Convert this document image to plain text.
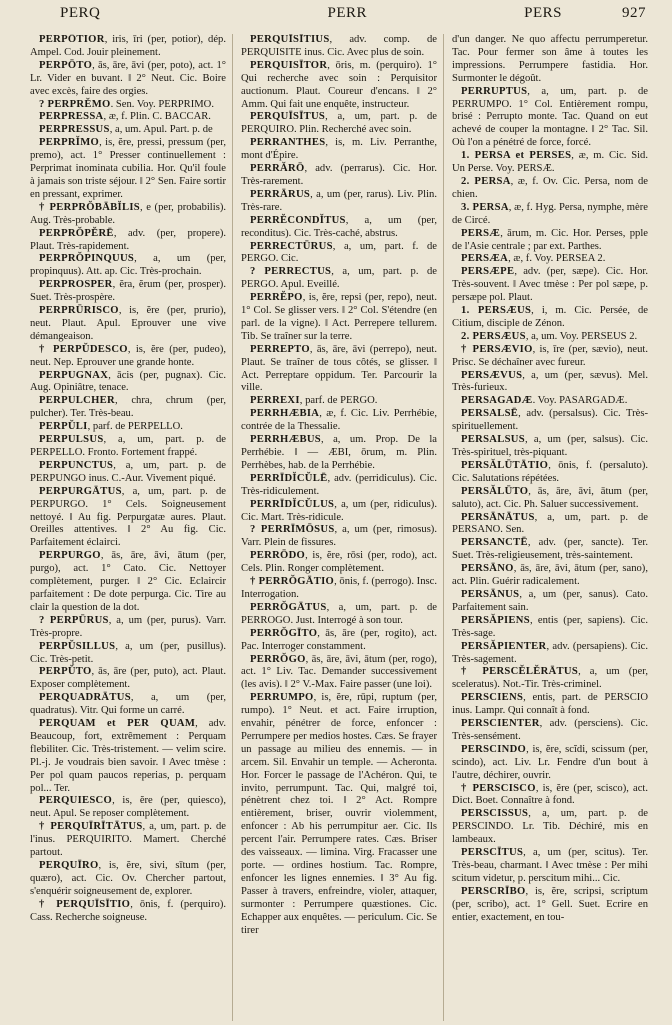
PERQ	PERR	PERS	927

PERPŌTIOR, iris, īri (per, potior), dép. Ampel. Cod. Jouir pleinement.

PERPŌTO, ās, āre, āvi (per, poto), act. 1° Lr. Vider en buvant. ‖ 2° Neut. Cic. Boire avec excès, faire des orgies.

? PERPRĔMO. Sen. Voy. PERPRIMO.

PERPRESSA, æ, f. Plin. C. BACCAR.

PERPRESSUS, a, um. Apul. Part. p. de

PERPRĬMO, is, ĕre, pressi, pressum (per, premo), act. 1° Presser continuellement : Perprimat inominata cubilia. Hor. Qu'il foule à jamais son triste séjour. ‖ 2° Sen. Faire sortir en pressant, exprimer.

† PERPRŎBĀBĬLIS, e (per, probabilis). Aug. Très-probable.

PERPRŎPĔRĒ, adv. (per, propere). Plaut. Très-rapidement.

PERPRŎPINQUUS, a, um (per, propinquus). Att. ap. Cic. Très-prochain.

PERPROSPER, ĕra, ĕrum (per, prosper). Suet. Très-prospère.

PERPRŪRISCO, is, ĕre (per, prurio), neut. Plaut. Apul. Eprouver une vive démangeaison.

† PERPŬDESCO, is, ĕre (per, pudeo), neut. Nep. Eprouver une grande honte.

PERPUGNAX, ācis (per, pugnax). Cic. Aug. Opiniâtre, tenace.

PERPULCHER, chra, chrum (per, pulcher). Ter. Très-beau.

PERPŬLI, parf. de PERPELLO.

PERPULSUS, a, um, part. p. de PERPELLO. Fronto. Fortement frappé.

PERPUNCTUS, a, um, part. p. de PERPUNGO inus. C.-Aur. Vivement piqué.

PERPURGĀTUS, a, um, part. p. de PERPURGO. 1° Cels. Soigneusement nettoyé. ‖ Au fig. Perpurgatæ aures. Plaut. Oreilles attentives. ‖ 2° Au fig. Cic. Parfaitement éclairci.

PERPURGO, ās, āre, āvi, ātum (per, purgo), act. 1° Cato. Cic. Nettoyer complètement, purger. ‖ 2° Cic. Eclaircir parfaitement : De dote perpurga. Cic. Tire au clair la question de la dot.

? PERPŪRUS, a, um (per, purus). Varr. Très-propre.

PERPŬSILLUS, a, um (per, pusillus). Cic. Très-petit.

PERPŬTO, ās, āre (per, puto), act. Plaut. Exposer complètement.

PERQUADRĀTUS, a, um (per, quadratus). Vitr. Qui forme un carré.

PERQUAM et PER QUAM, adv. Beaucoup, fort, extrêmement : Perquam flebiliter. Cic. Très-tristement. — velim scire. Pl.-j. Je voudrais bien savoir. ‖ Avec tmèse : Per pol quam paucos reperias, p. perquam pol... Ter.

PERQUIESCO, is, ĕre (per, quiesco), neut. Apul. Se reposer complètement.

† PERQUĪRĪTĀTUS, a, um, part. p. de l'inus. PERQUIRITO. Mamert. Cherché partout.

PERQUĪRO, is, ĕre, sivi, sītum (per, quæro), act. Cic. Ov. Chercher partout, s'enquérir soigneusement de, explorer.

† PERQUĪSĪTIO, ōnis, f. (perquiro). Cass. Recherche soigneuse.

PERQUĪSĪTIUS, adv. comp. de PERQUISITE inus. Cic. Avec plus de soin.

PERQUISĪTOR, ōris, m. (perquiro). 1° Qui recherche avec soin : Perquisitor auctionum. Plaut. Coureur d'encans. ‖ 2° Amm. Qui fait une enquête, instructeur.

PERQUĪSĪTUS, a, um, part. p. de PERQUIRO. Plin. Recherché avec soin.

PERRANTHES, is, m. Liv. Perranthe, mont d'Épire.

PERRĂRŌ, adv. (perrarus). Cic. Hor. Très-rarement.

PERRĀRUS, a, um (per, rarus). Liv. Plin. Très-rare.

PERRĔCONDĬTUS, a, um (per, reconditus). Cic. Très-caché, abstrus.

PERRECTŪRUS, a, um, part. f. de PERGO. Cic.

? PERRECTUS, a, um, part. p. de PERGO. Apul. Eveillé.

PERRĔPO, is, ĕre, repsi (per, repo), neut. 1° Col. Se glisser vers. ‖ 2° Col. S'étendre (en parl. de la vigne). ‖ Act. Perrepere tellurem. Tib. Se traîner sur la terre.

PERREPTO, ās, āre, āvi (perrepo), neut. Plaut. Se traîner de tous côtés, se glisser. ‖ Act. Perreptare oppidum. Ter. Parcourir la ville.

PERREXI, parf. de PERGO.

PERRHÆBIA, æ, f. Cic. Liv. Perrhébie, contrée de la Thessalie.

PERRHÆBUS, a, um. Prop. De la Perrhébie. ‖ — ÆBI, ōrum, m. Plin. Perrhèbes, hab. de la Perrhébie.

PERRĪDĬCŬLĒ, adv. (perridiculus). Cic. Très-ridiculement.

PERRĪDĬCŬLUS, a, um (per, ridiculus). Cic. Mart. Très-ridicule.

? PERRĪMŌSUS, a, um (per, rimosus). Varr. Plein de fissures.

PERRŌDO, is, ĕre, rōsi (per, rodo), act. Cels. Plin. Ronger complètement.

† PERRŎGĀTIO, ōnis, f. (perrogo). Insc. Interrogation.

PERRŎGĀTUS, a, um, part. p. de PERROGO. Just. Interrogé à son tour.

PERRŎGĪTO, ās, āre (per, rogito), act. Pac. Interroger constamment.

PERRŎGO, ās, āre, āvi, ātum (per, rogo), act. 1° Liv. Tac. Demander successivement (les avis). ‖ 2° V.-Max. Faire passer (une loi).

PERRUMPO, is, ĕre, rūpi, ruptum (per, rumpo). 1° Neut. et act. Faire irruption, envahir, pénétrer de force, enfoncer : Perrumpere per medios hostes. Cæs. Se frayer un passage au milieu des ennemis. — in arcem. Sil. Envahir un temple. — Acheronta. Hor. Forcer le passage de l'Achéron. Qui, te invito, perrumpunt. Tac. Qui, malgré toi, pénètrent chez toi. ‖ 2° Act. Rompre entièrement, briser, ouvrir violemment, enfoncer : Ab his perrumpitur aer. Cic. Ils percent l'air. Perrumpere rates. Cæs. Briser des vaisseaux. — limina. Virg. Fracasser une porte. — ordines hostium. Tac. Rompre, enfoncer les lignes ennemies. ‖ 3° Au fig. Passer à travers, enfreindre, violer, attaquer, surmonter : Perrumpere quæstiones. Cic. Echapper aux enquêtes. — periculum. Cic. Se tirer

d'un danger. Ne quo affectu perrumperetur. Tac. Pour fermer son âme à toutes les impressions. Perrumpere fastidia. Hor. Surmonter le dégoût.

PERRUPTUS, a, um, part. p. de PERRUMPO. 1° Col. Entièrement rompu, brisé : Perrupto monte. Tac. Quand on eut achevé de couper la montagne. ‖ 2° Tac. Sil. Où l'on a pénétré de force, forcé.

1. PERSA et PERSES, æ, m. Cic. Sid. Un Perse. Voy. PERSÆ.

2. PERSA, æ, f. Ov. Cic. Persa, nom de chien.

3. PERSA, æ, f. Hyg. Persa, nymphe, mère de Circé.

PERSÆ, ārum, m. Cic. Hor. Perses, pple de l'Asie centrale ; par ext. Parthes.

PERSÆA, æ, f. Voy. PERSEA 2.

PERSÆPE, adv. (per, sæpe). Cic. Hor. Très-souvent. ‖ Avec tmèse : Per pol sæpe, p. persæpe pol. Plaut.

1. PERSÆUS, i, m. Cic. Persée, de Citium, disciple de Zénon.

2. PERSÆUS, a, um. Voy. PERSEUS 2.

† PERSÆVIO, is, īre (per, sævio), neut. Prisc. Se déchaîner avec fureur.

PERSÆVUS, a, um (per, sævus). Mel. Très-furieux.

PERSAGADÆ. Voy. PASARGADÆ.

PERSALSĒ, adv. (persalsus). Cic. Très-spirituellement.

PERSALSUS, a, um (per, salsus). Cic. Très-spirituel, très-piquant.

PERSĂLŪTĀTIO, ōnis, f. (persaluto). Cic. Salutations répétées.

PERSĂLŪTO, ās, āre, āvi, ātum (per, saluto), act. Cic. Ph. Saluer successivement.

PERSĀNĀTUS, a, um, part. p. de PERSANO. Sen.

PERSANCTĒ, adv. (per, sancte). Ter. Suet. Très-religieusement, très-saintement.

PERSĀNO, ās, āre, āvi, ātum (per, sano), act. Plin. Guérir radicalement.

PERSĀNUS, a, um (per, sanus). Cato. Parfaitement sain.

PERSĂPIENS, entis (per, sapiens). Cic. Très-sage.

PERSĂPIENTER, adv. (persapiens). Cic. Très-sagement.

† PERSCĔLĔRĀTUS, a, um (per, sceleratus). Not.-Tir. Très-criminel.

PERSCIENS, entis, part. de PERSCIO inus. Lampr. Qui connaît à fond.

PERSCIENTER, adv. (persciens). Cic. Très-sensément.

PERSCINDO, is, ĕre, scĭdi, scissum (per, scindo), act. Liv. Lr. Fendre d'un bout à l'autre, déchirer, ouvrir.

† PERSCISCO, is, ĕre (per, scisco), act. Dict. Boet. Connaître à fond.

PERSCISSUS, a, um, part. p. de PERSCINDO. Lr. Tib. Déchiré, mis en lambeaux.

PERSCĪTUS, a, um (per, scitus). Ter. Très-beau, charmant. ‖ Avec tmèse : Per mihi scitum videtur, p. perscitum mihi... Cic.

PERSCRĪBO, is, ĕre, scripsi, scriptum (per, scribo), act. 1° Gell. Suet. Ecrire en entier, exactement, en tou-
